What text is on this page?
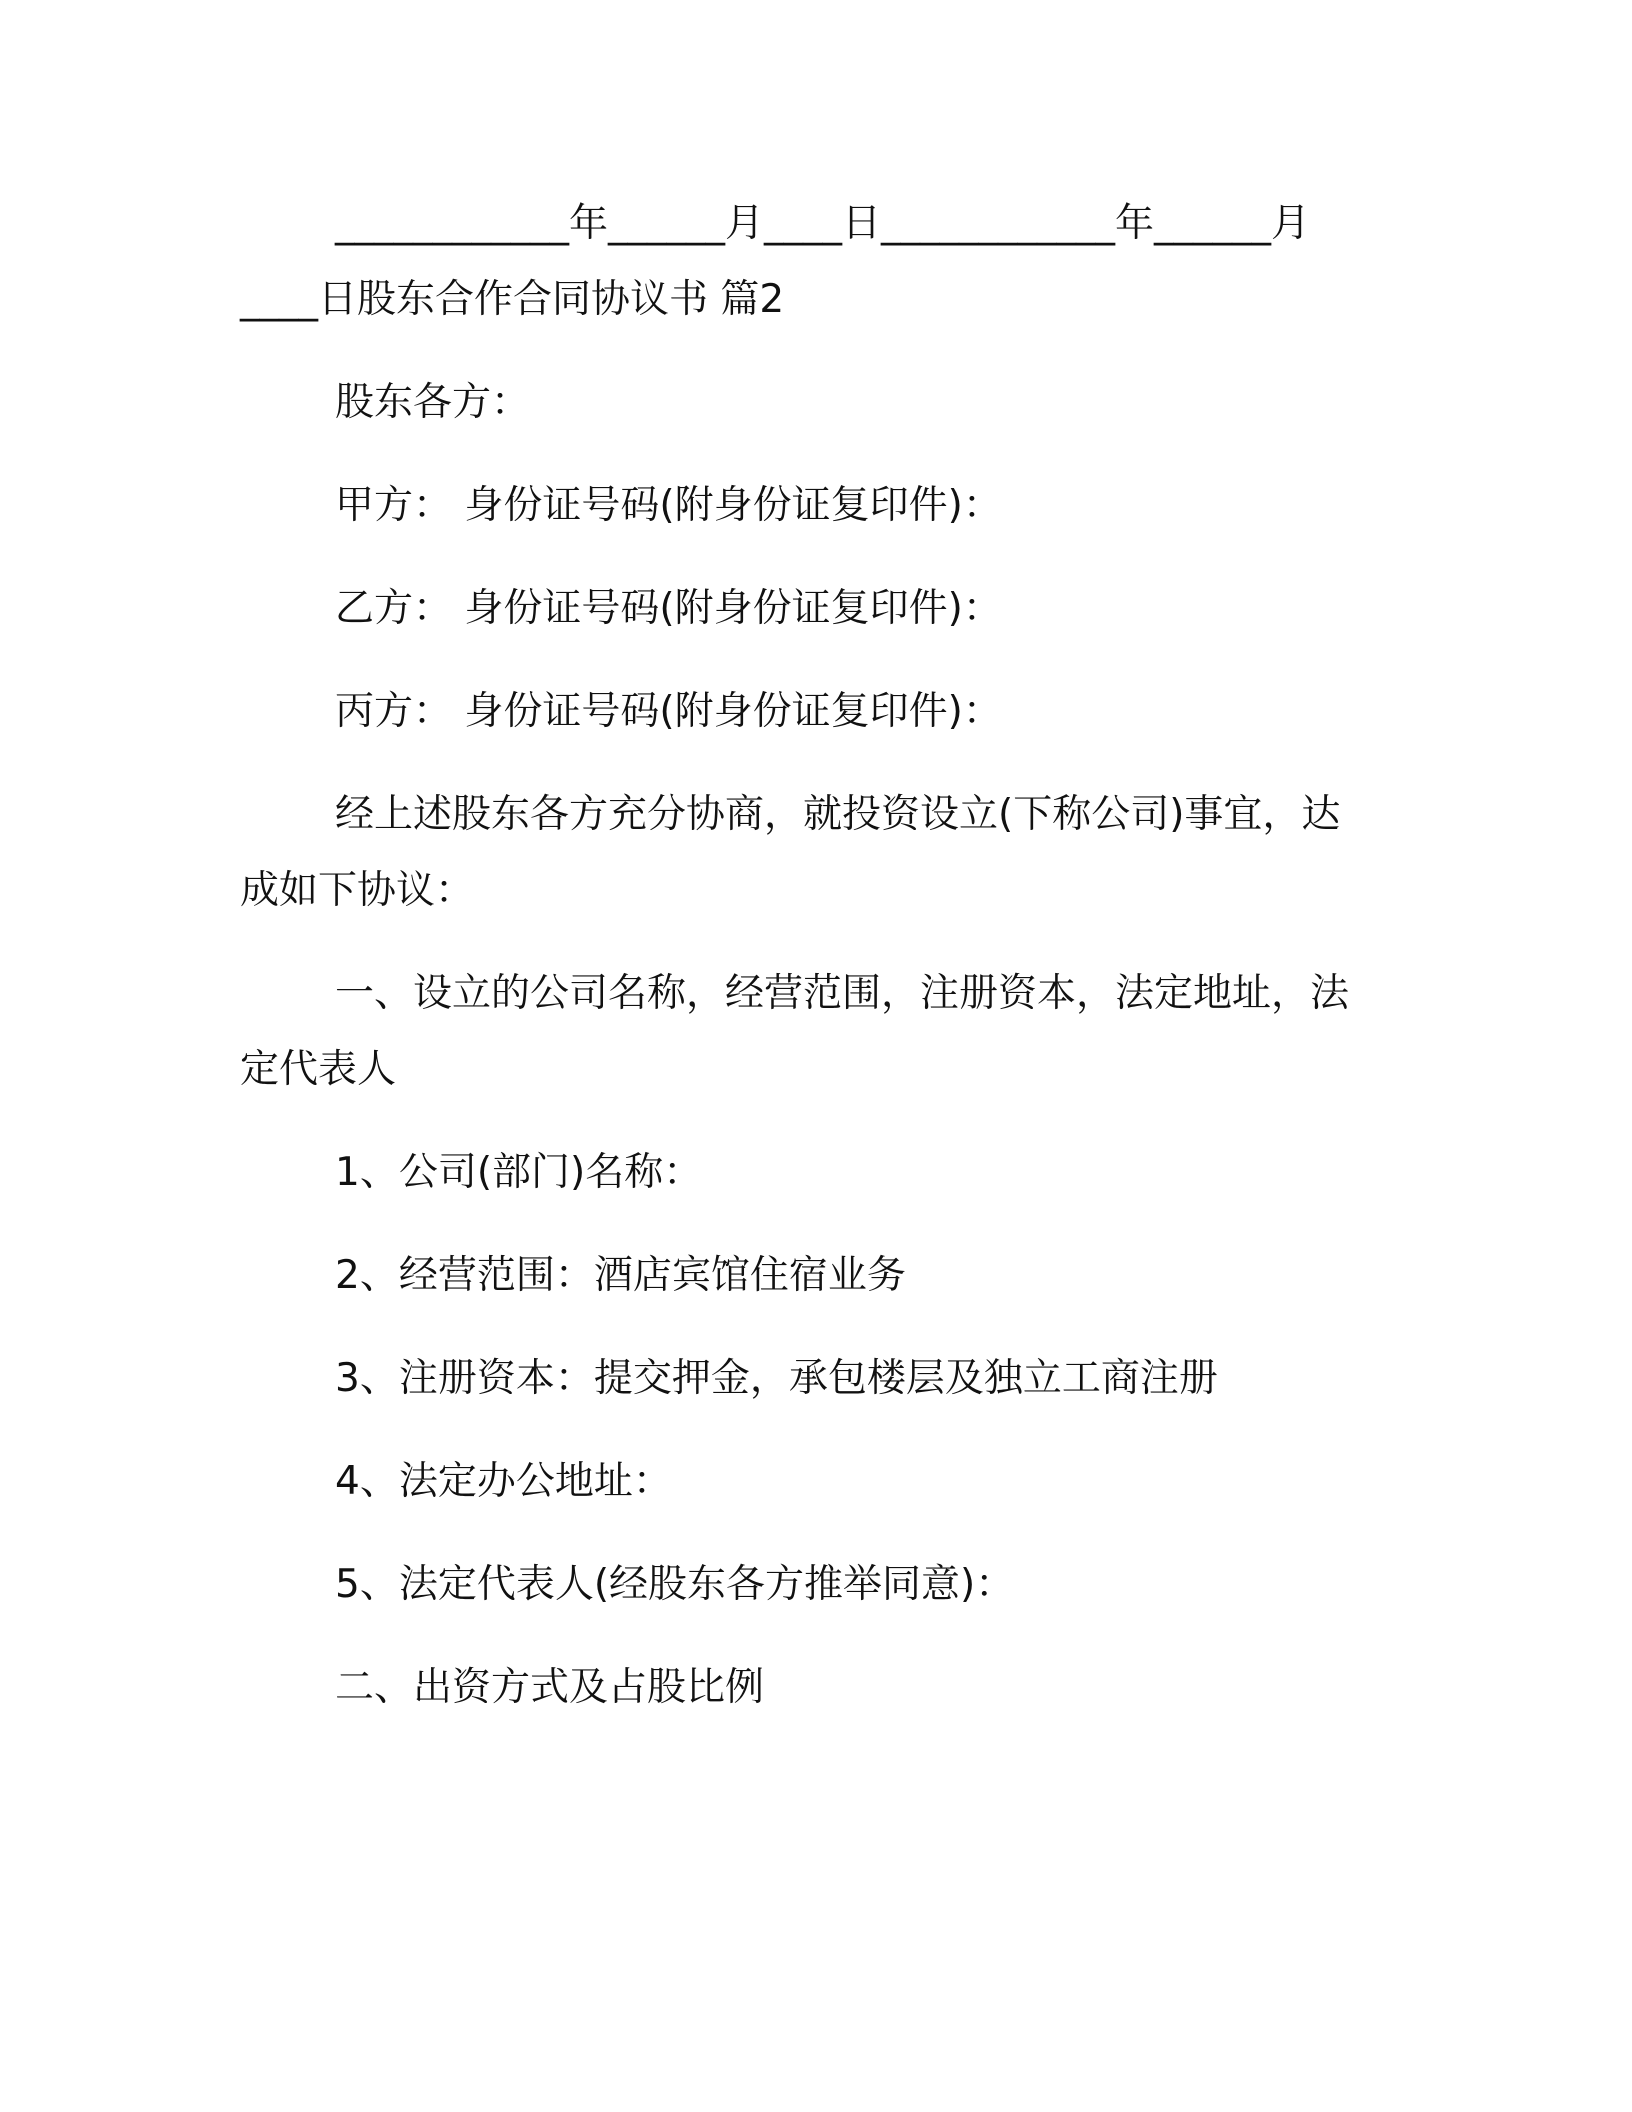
____________年______月____日____________年______月____日股东合作合同协议书 篇2

股东各方：

甲方： 身份证号码(附身份证复印件)：

乙方： 身份证号码(附身份证复印件)：

丙方： 身份证号码(附身份证复印件)：

经上述股东各方充分协商，就投资设立(下称公司)事宜，达成如下协议：

一、设立的公司名称，经营范围，注册资本，法定地址，法定代表人

1、公司(部门)名称：

2、经营范围：酒店宾馆住宿业务

3、注册资本：提交押金，承包楼层及独立工商注册

4、法定办公地址：

5、法定代表人(经股东各方推举同意)：

二、出资方式及占股比例
